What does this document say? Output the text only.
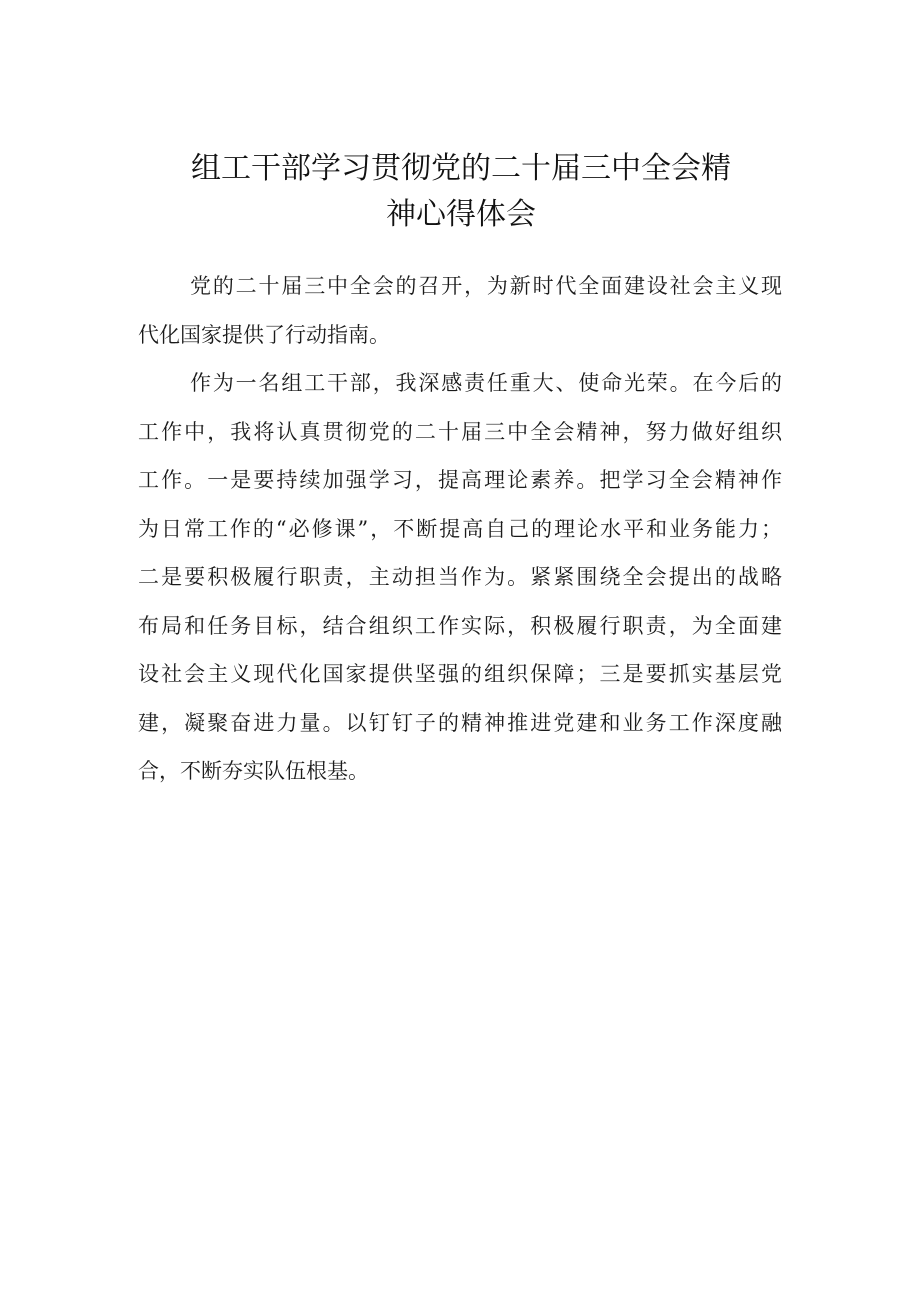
组工干部学习贯彻党的二十届三中全会精
神心得体会
党的二十届三中全会的召开，为新时代全面建设社会主义现
代化国家提供了行动指南。
作为一名组工干部，我深感责任重大、使命光荣。在今后的
工作中，我将认真贯彻党的二十届三中全会精神，努力做好组织
工作。一是要持续加强学习，提高理论素养。把学习全会精神作
为日常工作的“必修课”，不断提高自己的理论水平和业务能力；
二是要积极履行职责，主动担当作为。紧紧围绕全会提出的战略
布局和任务目标，结合组织工作实际，积极履行职责，为全面建
设社会主义现代化国家提供坚强的组织保障；三是要抓实基层党
建，凝聚奋进力量。以钉钉子的精神推进党建和业务工作深度融
合，不断夯实队伍根基。
